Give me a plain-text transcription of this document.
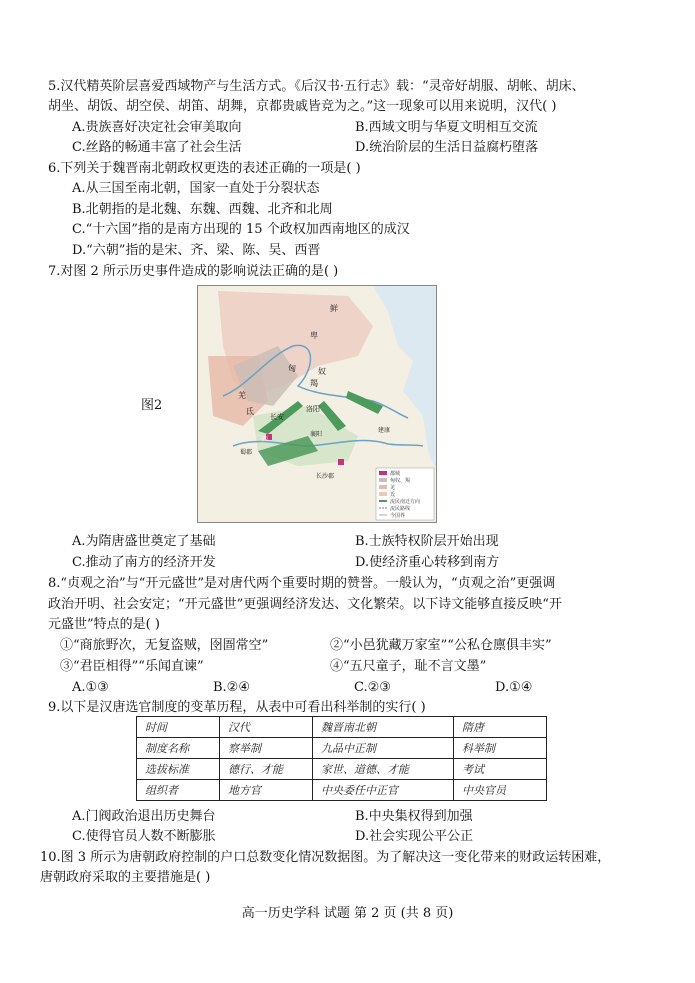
5.汉代精英阶层喜爱西域物产与生活方式。《后汉书·五行志》载：“灵帝好胡服、胡帐、胡床、
胡坐、胡饭、胡空侯、胡笛、胡舞，京都贵戚皆竞为之。”这一现象可以用来说明，汉代( )
A.贵族喜好决定社会审美取向	B.西域文明与华夏文明相互交流
C.丝路的畅通丰富了社会生活	D.统治阶层的生活日益腐朽堕落
6.下列关于魏晋南北朝政权更迭的表述正确的一项是( )
A.从三国至南北朝，国家一直处于分裂状态
B.北朝指的是北魏、东魏、西魏、北齐和北周
C.“十六国”指的是南方出现的 15 个政权加西南地区的成汉
D.“六朝”指的是宋、齐、梁、陈、吴、西晋
7.对图 2 所示历史事件造成的影响说法正确的是( )
图2
鲜
卑
匈	奴
羯
羌
氐	洛阳
长安
襄阳
建康
长沙郡
蜀郡
西
都城
匈奴、羯
羌
氐
流民南迁方向
流民路线
今国界
A.为隋唐盛世奠定了基础	B.士族特权阶层开始出现
C.推动了南方的经济开发	D.使经济重心转移到南方
8.“贞观之治”与“开元盛世”是对唐代两个重要时期的赞誉。一般认为，“贞观之治”更强调
政治开明、社会安定；“开元盛世”更强调经济发达、文化繁荣。以下诗文能够直接反映“开
元盛世”特点的是( )
①“商旅野次，无复盗贼，囹圄常空”	②“小邑犹藏万家室”“公私仓廪俱丰实”
③“君臣相得”“乐闻直谏”	④“五尺童子，耻不言文墨”
A.①③	B.②④	C.②③	D.①④
9.以下是汉唐选官制度的变革历程，从表中可看出科举制的实行( )
时间	汉代	魏晋南北朝	隋唐
制度名称	察举制	九品中正制	科举制
选拔标准	德行、才能	家世、道德、才能	考试
组织者	地方官	中央委任中正官	中央官员
A.门阀政治退出历史舞台	B.中央集权得到加强
C.使得官员人数不断膨胀	D.社会实现公平公正
10.图 3 所示为唐朝政府控制的户口总数变化情况数据图。为了解决这一变化带来的财政运转困难，
唐朝政府采取的主要措施是( )
高一历史学科 试题 第 2 页 (共 8 页)
